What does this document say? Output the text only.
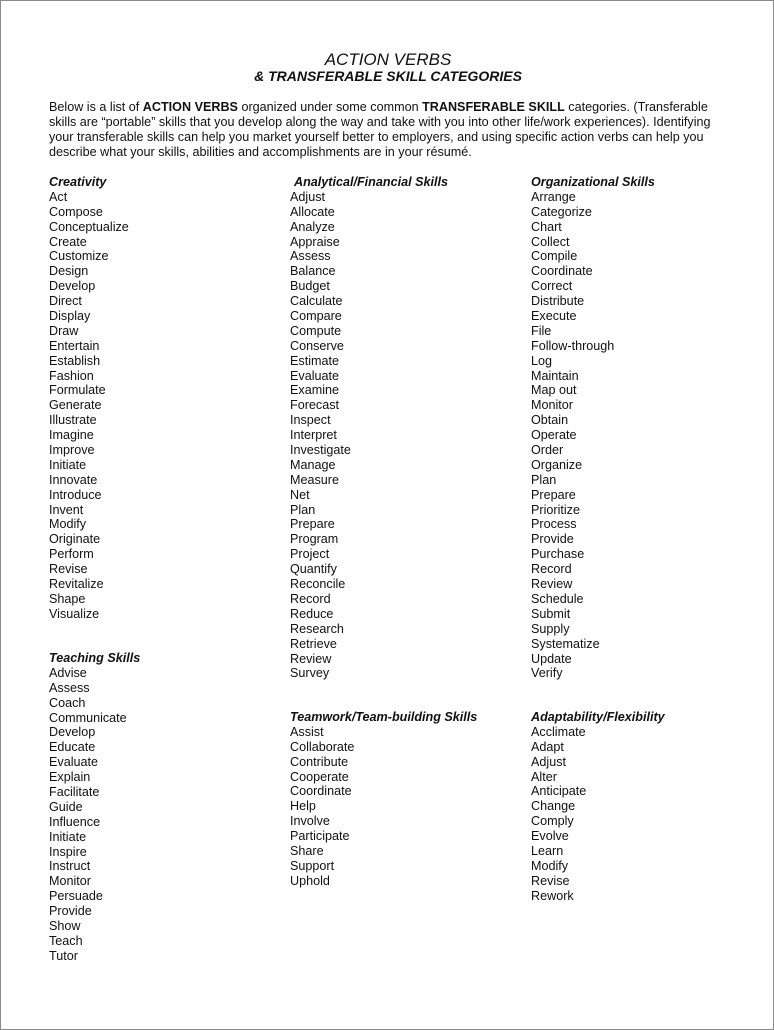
ACTION VERBS
& TRANSFERABLE SKILL CATEGORIES

Below is a list of ACTION VERBS organized under some common TRANSFERABLE SKILL categories. (Transferable skills are “portable” skills that you develop along the way and take with you into other life/work experiences). Identifying your transferable skills can help you market yourself better to employers, and using specific action verbs can help you describe what your skills, abilities and accomplishments are in your résumé.

Creativity
Act
Compose
Conceptualize
Create
Customize
Design
Develop
Direct
Display
Draw
Entertain
Establish
Fashion
Formulate
Generate
Illustrate
Imagine
Improve
Initiate
Innovate
Introduce
Invent
Modify
Originate
Perform
Revise
Revitalize
Shape
Visualize
Teaching Skills
Advise
Assess
Coach
Communicate
Develop
Educate
Evaluate
Explain
Facilitate
Guide
Influence
Initiate
Inspire
Instruct
Monitor
Persuade
Provide
Show
Teach
Tutor
Analytical/Financial Skills
Adjust
Allocate
Analyze
Appraise
Assess
Balance
Budget
Calculate
Compare
Compute
Conserve
Estimate
Evaluate
Examine
Forecast
Inspect
Interpret
Investigate
Manage
Measure
Net
Plan
Prepare
Program
Project
Quantify
Reconcile
Record
Reduce
Research
Retrieve
Review
Survey
Teamwork/Team-building Skills
Assist
Collaborate
Contribute
Cooperate
Coordinate
Help
Involve
Participate
Share
Support
Uphold
Organizational Skills
Arrange
Categorize
Chart
Collect
Compile
Coordinate
Correct
Distribute
Execute
File
Follow-through
Log
Maintain
Map out
Monitor
Obtain
Operate
Order
Organize
Plan
Prepare
Prioritize
Process
Provide
Purchase
Record
Review
Schedule
Submit
Supply
Systematize
Update
Verify
Adaptability/Flexibility
Acclimate
Adapt
Adjust
Alter
Anticipate
Change
Comply
Evolve
Learn
Modify
Revise
Rework
